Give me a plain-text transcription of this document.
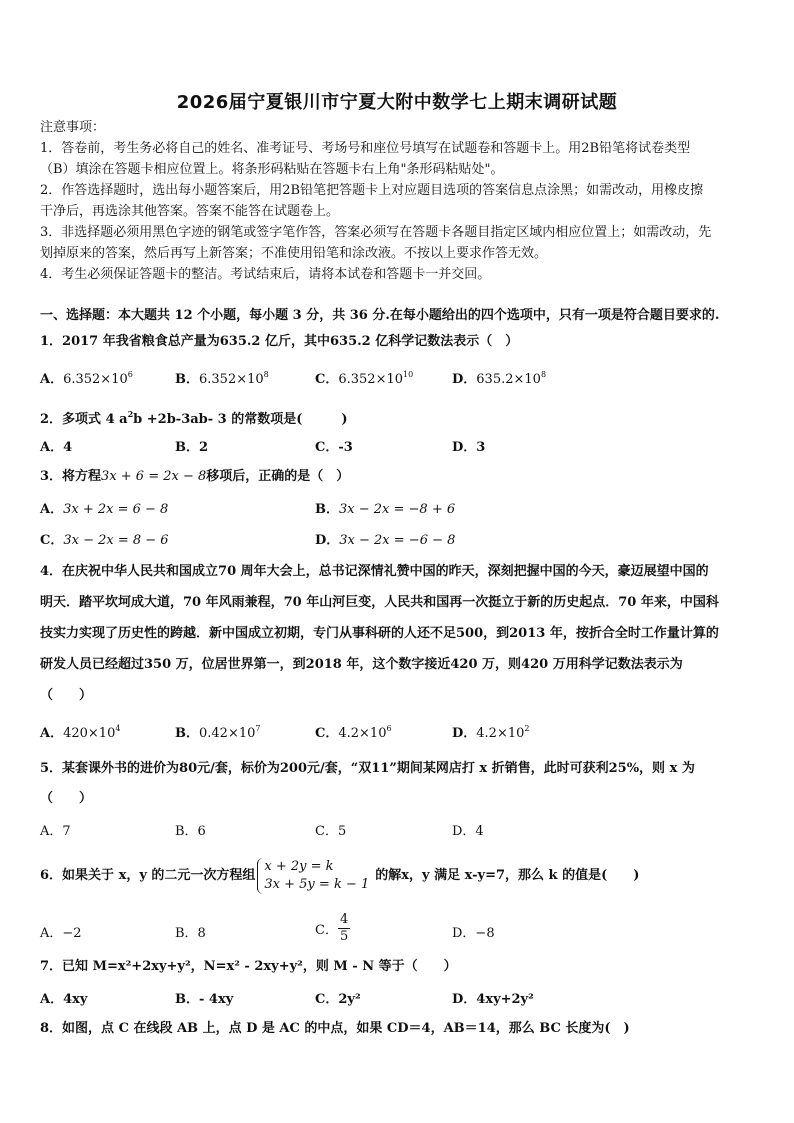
2026届宁夏银川市宁夏大附中数学七上期末调研试题
注意事项：
1．答卷前，考生务必将自己的姓名、准考证号、考场号和座位号填写在试题卷和答题卡上。用2B铅笔将试卷类型
（B）填涂在答题卡相应位置上。将条形码粘贴在答题卡右上角"条形码粘贴处"。
2．作答选择题时，选出每小题答案后，用2B铅笔把答题卡上对应题目选项的答案信息点涂黑；如需改动，用橡皮擦
干净后，再选涂其他答案。答案不能答在试题卷上。
3．非选择题必须用黑色字迹的钢笔或签字笔作答，答案必须写在答题卡各题目指定区域内相应位置上；如需改动，先
划掉原来的答案，然后再写上新答案；不准使用铅笔和涂改液。不按以上要求作答无效。
4．考生必须保证答题卡的整洁。考试结束后，请将本试卷和答题卡一并交回。
一、选择题：本大题共 12 个小题，每小题 3 分，共 36 分.在每小题给出的四个选项中，只有一项是符合题目要求的.
1．2017 年我省粮食总产量为635.2 亿斤，其中635.2 亿科学记数法表示（　）
A．$6.352\times 10^6$	B．$6.352\times 10^8$	C．$6.352\times 10^{10}$	D．$635.2\times 10^8$
2．多项式 4 $a^2b +2b-3ab-$ 3 的常数项是(　　　)
A．4	B．2	C．-3	D．3
3．将方程3x + 6 = 2x − 8移项后，正确的是（　）
A．3x + 2x = 6 − 8	B．3x − 2x = −8 + 6
C．3x − 2x = 8 − 6	D．3x − 2x = −6 − 8
4．在庆祝中华人民共和国成立70 周年大会上，总书记深情礼赞中国的昨天，深刻把握中国的今天，豪迈展望中国的
明天．踏平坎坷成大道，70 年风雨兼程，70 年山河巨变，人民共和国再一次挺立于新的历史起点．70 年来，中国科
技实力实现了历史性的跨越．新中国成立初期，专门从事科研的人还不足500，到2013 年，按折合全时工作量计算的
研发人员已经超过350 万，位居世界第一，到2018 年，这个数字接近420 万，则420 万用科学记数法表示为
（　　）
A．$420\times 10^4$	B．$0.42\times 10^7$	C．$4.2\times 10^6$	D．$4.2\times 10^2$
5．某套课外书的进价为80元/套，标价为200元/套，“双11”期间某网店打 x 折销售，此时可获利25%，则 x 为
（　　）
A．7	B．6	C．5	D．4
6．如果关于 x，y 的二元一次方程组
x + 2y = k
3x + 5y = k − 1
的解x，y 满足 x-y=7，那么 k 的值是(　　)
A．−2	B．8	C． $\frac{4}{5}$	D．−8
7．已知 M=x²+2xy+y²，N=x² - 2xy+y²，则 M - N 等于（　　）
A．4xy	B．- 4xy	C．2y²	D．4xy+2y²
8．如图，点 C 在线段 AB 上，点 D 是 AC 的中点，如果 CD＝4，AB＝14，那么 BC 长度为(　)
